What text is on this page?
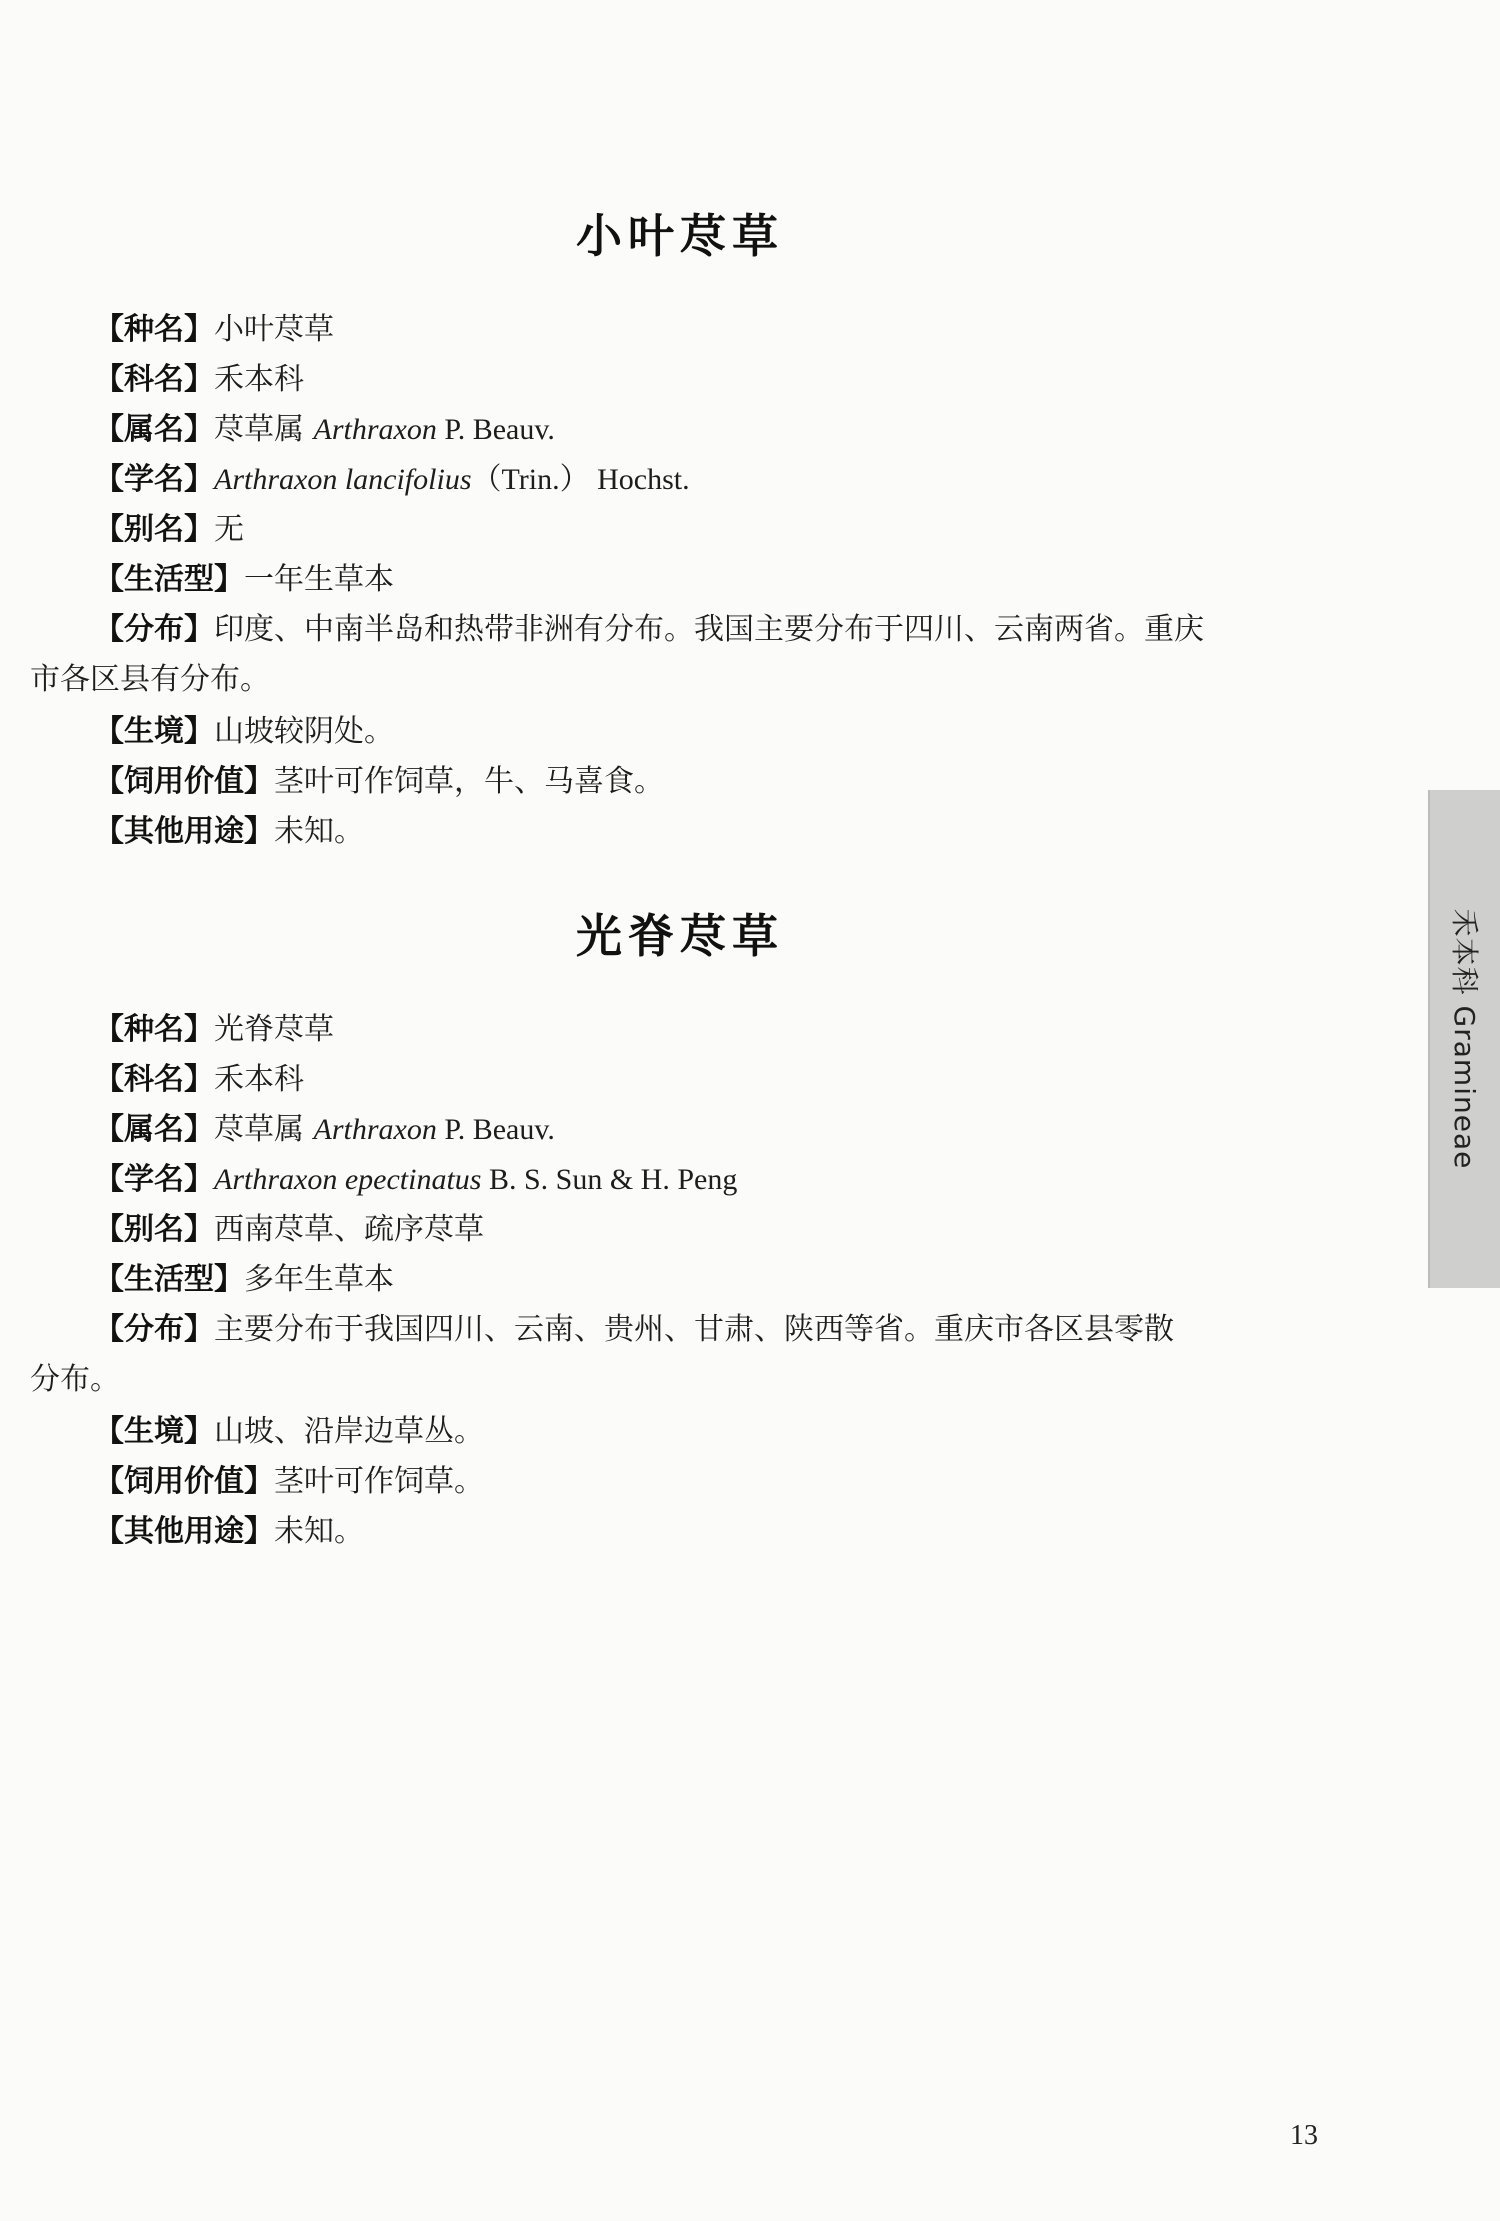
小叶荩草
【种名】小叶荩草
【科名】禾本科
【属名】荩草属 Arthraxon P. Beauv.
【学名】Arthraxon lancifolius（Trin.） Hochst.
【别名】无
【生活型】一年生草本
【分布】印度、中南半岛和热带非洲有分布。我国主要分布于四川、云南两省。重庆
市各区县有分布。
【生境】山坡较阴处。
【饲用价值】茎叶可作饲草，牛、马喜食。
【其他用途】未知。
光脊荩草
【种名】光脊荩草
【科名】禾本科
【属名】荩草属 Arthraxon P. Beauv.
【学名】Arthraxon epectinatus B. S. Sun & H. Peng
【别名】西南荩草、疏序荩草
【生活型】多年生草本
【分布】主要分布于我国四川、云南、贵州、甘肃、陕西等省。重庆市各区县零散
分布。
【生境】山坡、沿岸边草丛。
【饲用价值】茎叶可作饲草。
【其他用途】未知。
禾本科 Gramineae
13
